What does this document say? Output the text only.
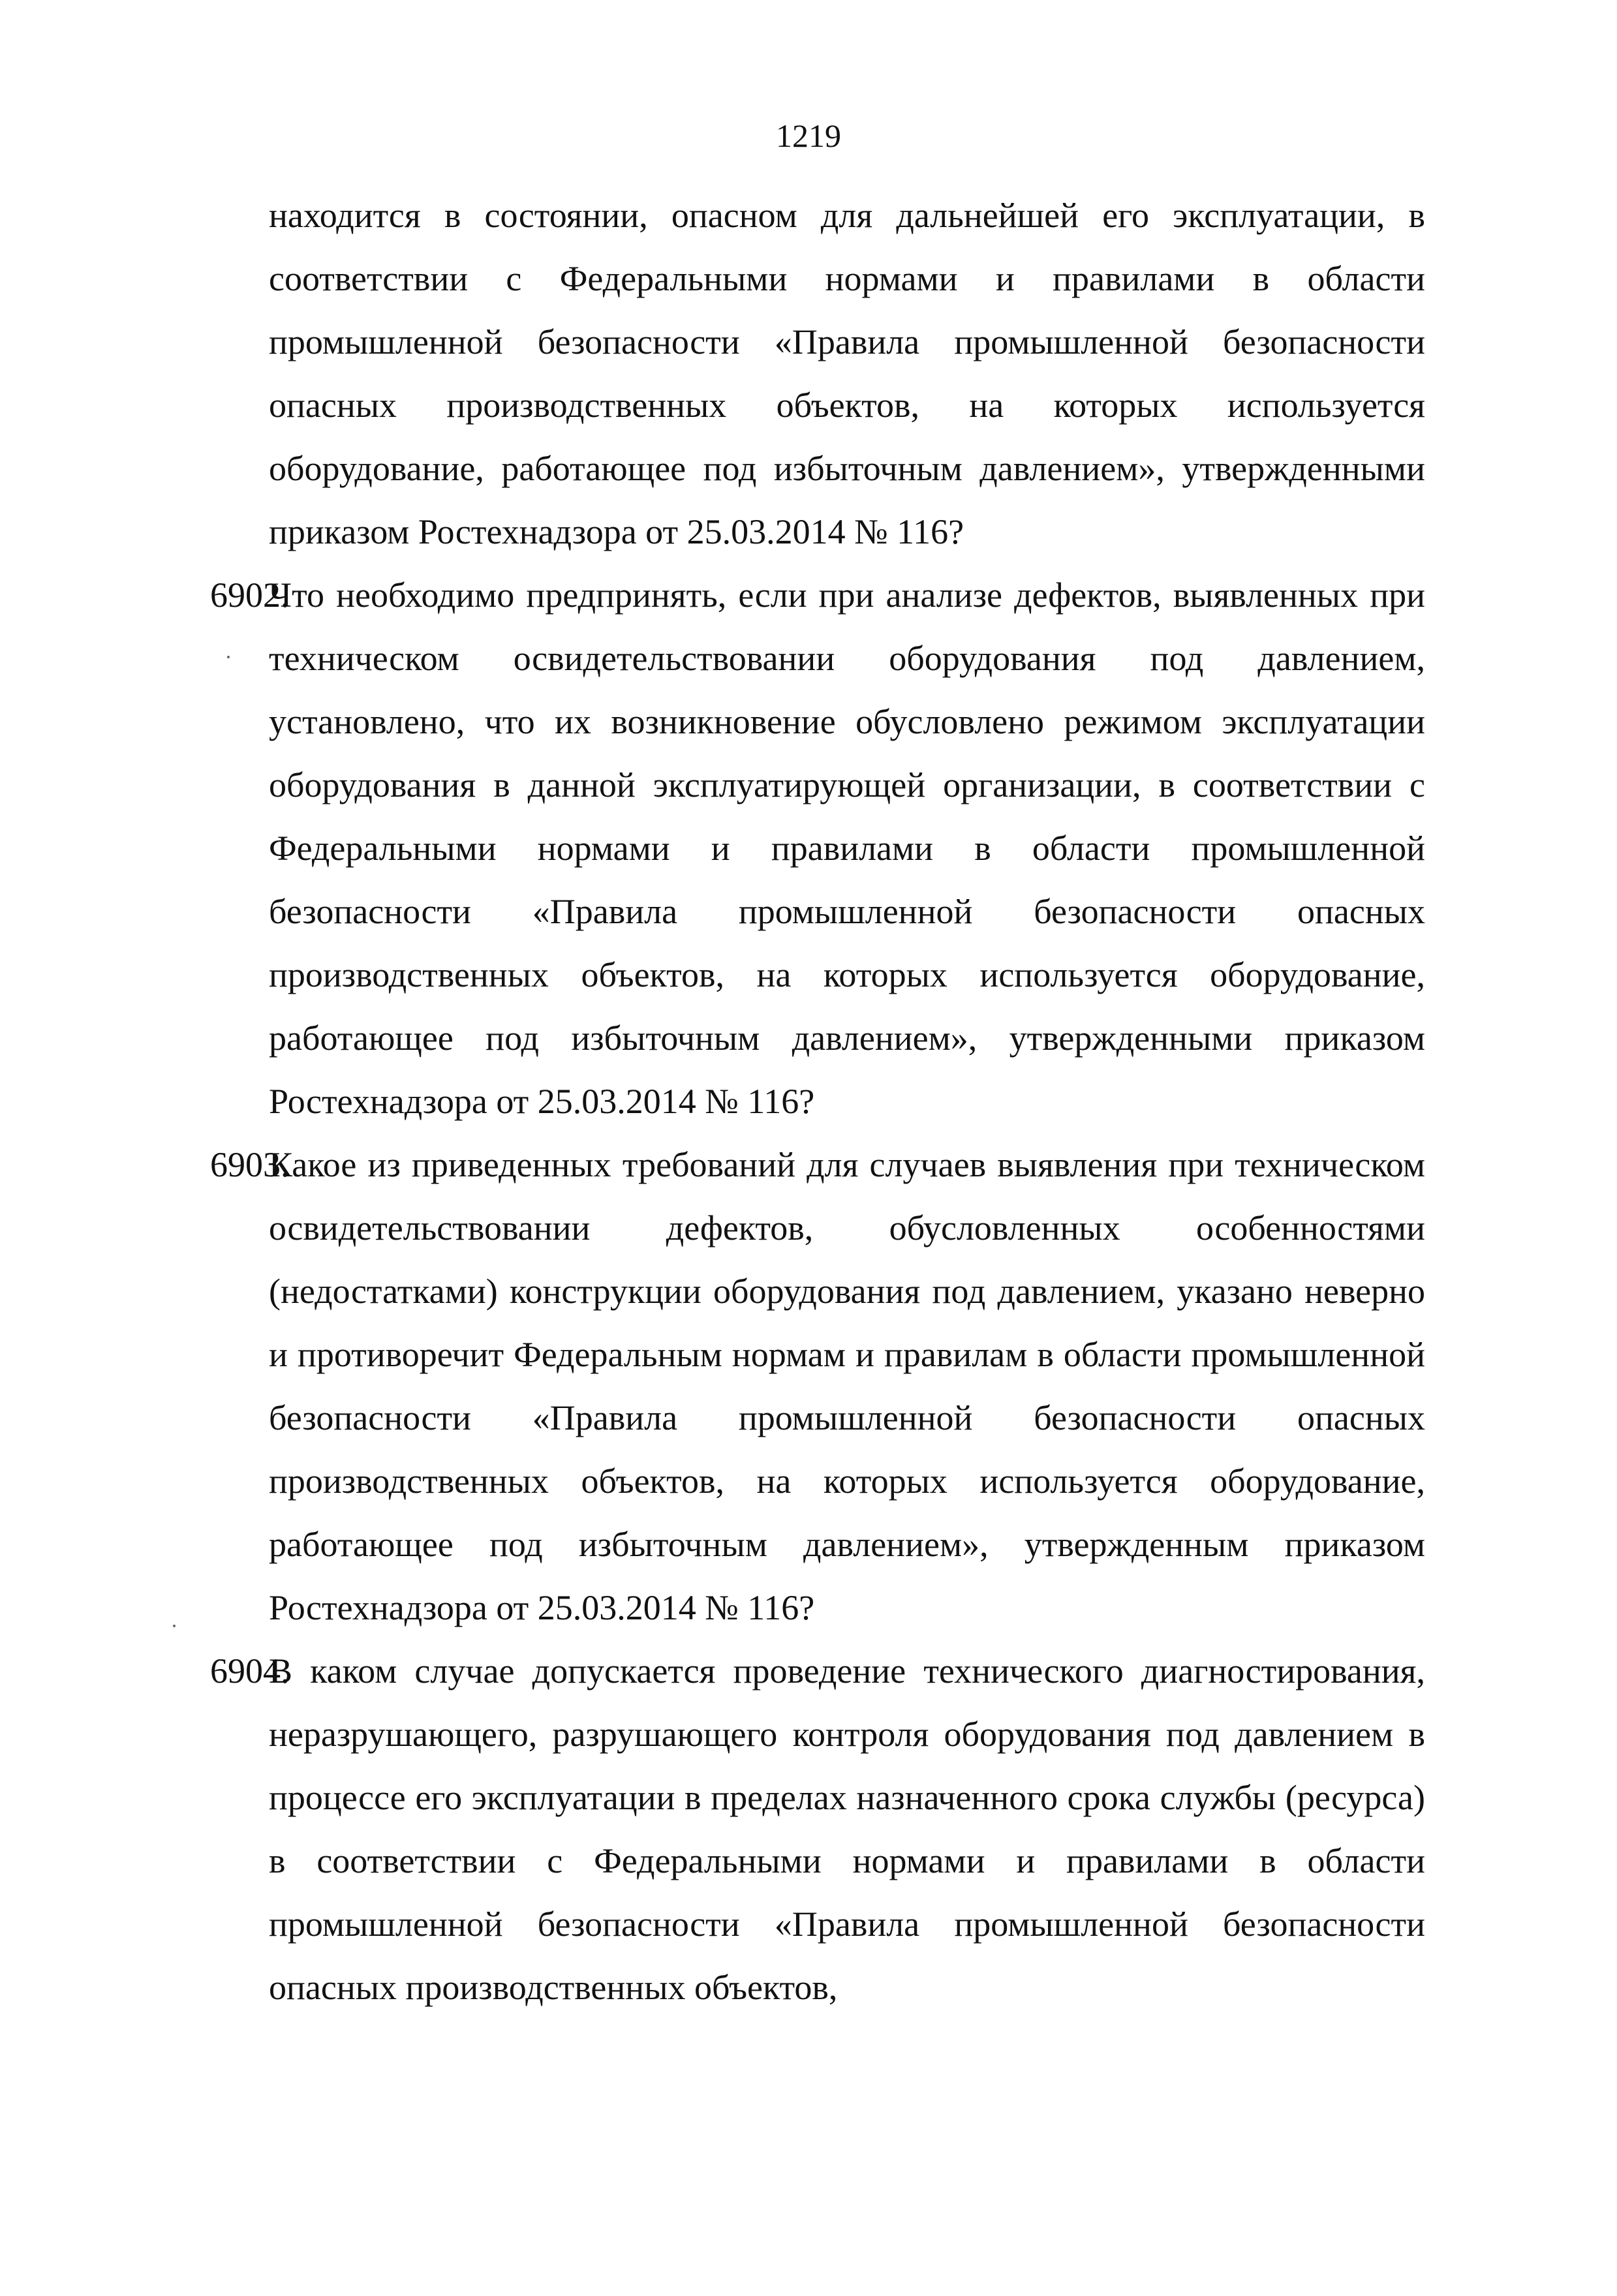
1219

находится в состоянии, опасном для дальнейшей его эксплуатации, в соответствии с Федеральными нормами и правилами в области промышленной безопасности «Правила промышленной безопасности опасных производственных объектов, на которых используется оборудование, работающее под избыточным давлением», утвержденными приказом Ростехнадзора от 25.03.2014 № 116?

6902.
Что необходимо предпринять, если при анализе дефектов, выявленных при техническом освидетельствовании оборудования под давлением, установлено, что их возникновение обусловлено режимом эксплуатации оборудования в данной эксплуатирующей организации, в соответствии с Федеральными нормами и правилами в области промышленной безопасности «Правила промышленной безопасности опасных производственных объектов, на которых используется оборудование, работающее под избыточным давлением», утвержденными приказом Ростехнадзора от 25.03.2014 № 116?

6903.
Какое из приведенных требований для случаев выявления при техническом освидетельствовании дефектов, обусловленных особенностями (недостатками) конструкции оборудования под давлением, указано неверно и противоречит Федеральным нормам и правилам в области промышленной безопасности «Правила промышленной безопасности опасных производственных объектов, на которых используется оборудование, работающее под избыточным давлением», утвержденным приказом Ростехнадзора от 25.03.2014 № 116?

6904.
В каком случае допускается проведение технического диагностирования, неразрушающего, разрушающего контроля оборудования под давлением в процессе его эксплуатации в пределах назначенного срока службы (ресурса) в соответствии с Федеральными нормами и правилами в области промышленной безопасности «Правила промышленной безопасности опасных производственных объектов,
